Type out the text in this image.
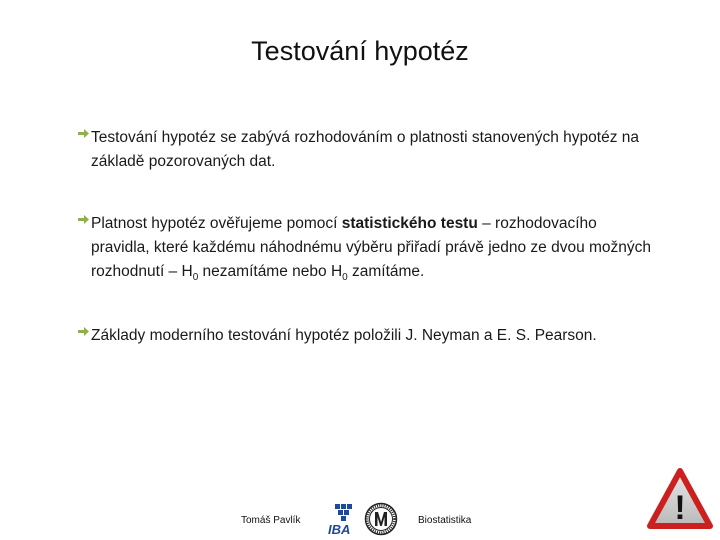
Testování hypotéz
Testování hypotéz se zabývá rozhodováním o platnosti stanovených hypotéz na základě pozorovaných dat.
Platnost hypotéz ověřujeme pomocí statistického testu – rozhodovacího pravidla, které každému náhodnému výběru přiřadí právě jedno ze dvou možných rozhodnutí – $H_0$ nezamítáme nebo $H_0$ zamítáme.
Základy moderního testování hypotéz položili J. Neyman a E. S. Pearson.
Tomáš Pavlík
IBA
Biostatistika	!
